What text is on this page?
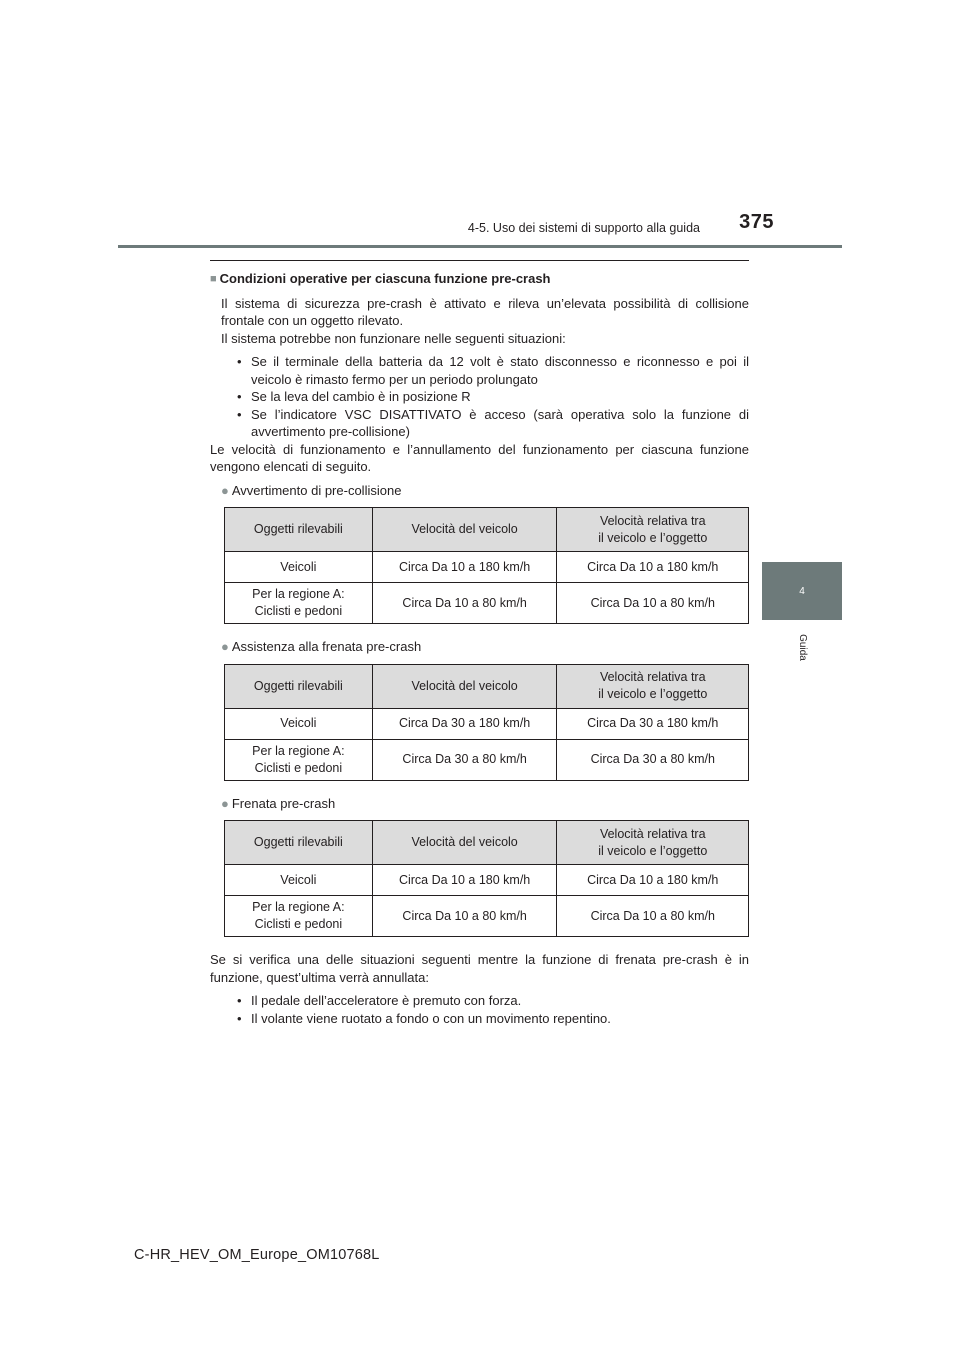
4-5. Uso dei sistemi di supporto alla guida	375
4
Guida
■ Condizioni operative per ciascuna funzione pre-crash

Il sistema di sicurezza pre-crash è attivato e rileva un’elevata possibilità di collisione frontale con un oggetto rilevato.

Il sistema potrebbe non funzionare nelle seguenti situazioni:

• Se il terminale della batteria da 12 volt è stato disconnesso e riconnesso e poi il veicolo è rimasto fermo per un periodo prolungato
• Se la leva del cambio è in posizione R
• Se l’indicatore VSC DISATTIVATO è acceso (sarà operativa solo la funzione di avvertimento pre-collisione)

Le velocità di funzionamento e l’annullamento del funzionamento per ciascuna funzione vengono elencati di seguito.

● Avvertimento di pre-collisione
Oggetti rilevabili	Velocità del veicolo	Velocità relativa tra
il veicolo e l’oggetto
Veicoli	Circa Da 10 a 180 km/h	Circa Da 10 a 180 km/h
Per la regione A:
Ciclisti e pedoni	Circa Da 10 a 80 km/h	Circa Da 10 a 80 km/h
● Assistenza alla frenata pre-crash
Oggetti rilevabili	Velocità del veicolo	Velocità relativa tra
il veicolo e l’oggetto
Veicoli	Circa Da 30 a 180 km/h	Circa Da 30 a 180 km/h
Per la regione A:
Ciclisti e pedoni	Circa Da 30 a 80 km/h	Circa Da 30 a 80 km/h
● Frenata pre-crash
Oggetti rilevabili	Velocità del veicolo	Velocità relativa tra
il veicolo e l’oggetto
Veicoli	Circa Da 10 a 180 km/h	Circa Da 10 a 180 km/h
Per la regione A:
Ciclisti e pedoni	Circa Da 10 a 80 km/h	Circa Da 10 a 80 km/h

Se si verifica una delle situazioni seguenti mentre la funzione di frenata pre-crash è in funzione, quest’ultima verrà annullata:

• Il pedale dell’acceleratore è premuto con forza.
• Il volante viene ruotato a fondo o con un movimento repentino.
C-HR_HEV_OM_Europe_OM10768L
